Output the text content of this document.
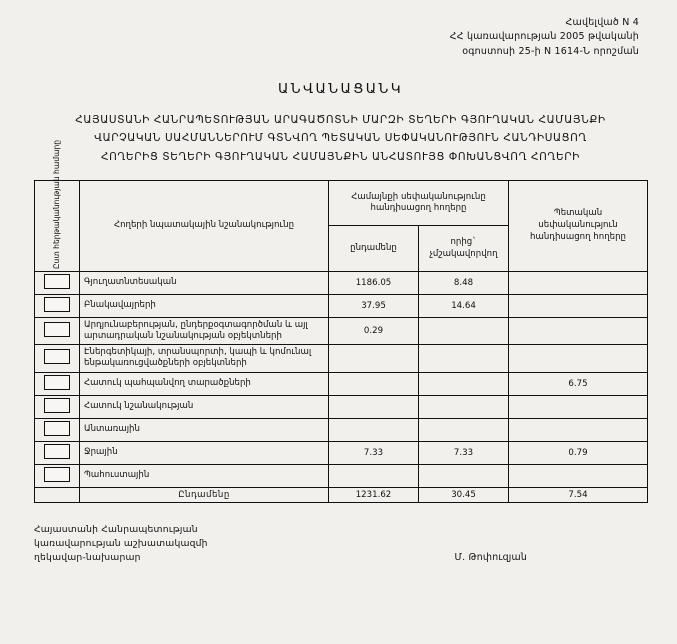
Հավելված N 4
ՀՀ կառավարության 2005 թվականի
օգոստոսի 25-ի N 1614-Ն որոշման
ԱՆՎԱՆԱՑԱՆԿ
ՀԱՅԱՍՏԱՆԻ ՀԱՆՐԱՊԵՏՈՒԹՅԱՆ ԱՐԱԳԱԾՈՏՆԻ ՄԱՐԶԻ ՏԵՂԵՐԻ ԳՅՈՒՂԱԿԱՆ ՀԱՄԱՅՆՔԻ
ՎԱՐՉԱԿԱՆ ՍԱՀՄԱՆՆԵՐՈՒՄ ԳՏՆՎՈՂ ՊԵՏԱԿԱՆ ՍԵՓԱԿԱՆՈՒԹՅՈՒՆ ՀԱՆԴԻՍԱՑՈՂ
ՀՈՂԵՐԻՑ ՏԵՂԵՐԻ ԳՅՈՒՂԱԿԱՆ ՀԱՄԱՅՆՔԻՆ ԱՆՀԱՏՈՒՅՑ ՓՈԽԱՆՑՎՈՂ ՀՈՂԵՐԻ
Ըստ հերթականության համարը	Հողերի նպատակային նշանակությունը	Համայնքի սեփականությունը հանդիսացող հողերը		Պետական սեփականություն հանդիսացող հողերը
		ընդամենը	որից` չմշակավորվող	
	Գյուղատնտեսական	1186.05	8.48	
	Բնակավայրերի	37.95	14.64	
	Արդյունաբերության, ընդերքօգտագործման և այլ արտադրական նշանակության օբյեկտների	0.29		
	Էներգետիկայի, տրանսպորտի, կապի և կոմունալ ենթակառուցվածքների օբյեկտների			
	Հատուկ պահպանվող տարածքների			6.75
	Հատուկ նշանակության			
	Անտառային			
	Ջրային	7.33	7.33	0.79
	Պահուստային			
	Ընդամենը	1231.62	30.45	7.54
Հայաստանի Հանրապետության
կառավարության աշխատակազմի
ղեկավար-նախարար	Մ. Թոփուզյան
